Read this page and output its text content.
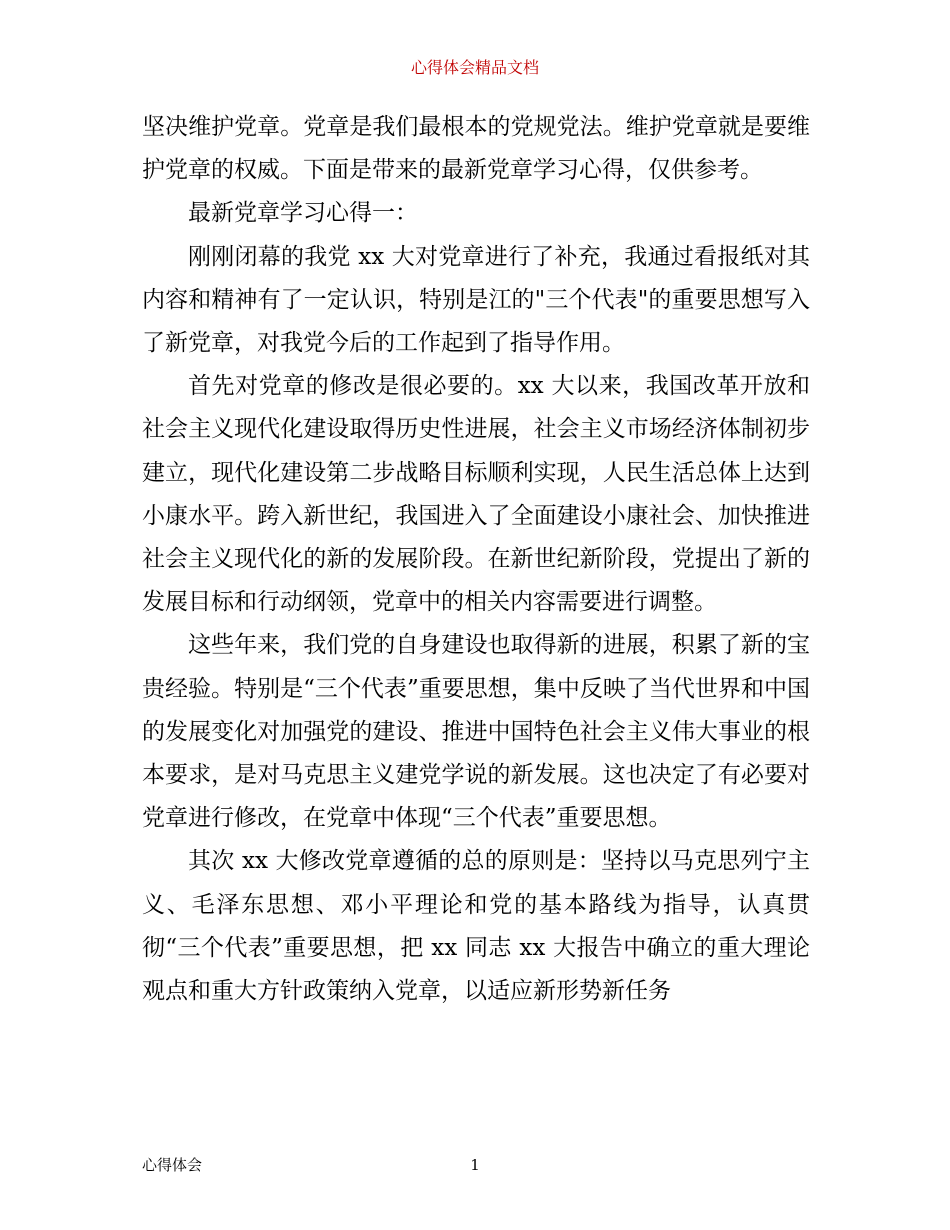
心得体会精品文档

坚决维护党章。党章是我们最根本的党规党法。维护党章就是要维护党章的权威。下面是带来的最新党章学习心得，仅供参考。

最新党章学习心得一：

刚刚闭幕的我党 xx 大对党章进行了补充，我通过看报纸对其内容和精神有了一定认识，特别是江的"三个代表"的重要思想写入了新党章，对我党今后的工作起到了指导作用。

首先对党章的修改是很必要的。xx 大以来，我国改革开放和社会主义现代化建设取得历史性进展，社会主义市场经济体制初步建立，现代化建设第二步战略目标顺利实现，人民生活总体上达到小康水平。跨入新世纪，我国进入了全面建设小康社会、加快推进社会主义现代化的新的发展阶段。在新世纪新阶段，党提出了新的发展目标和行动纲领，党章中的相关内容需要进行调整。

这些年来，我们党的自身建设也取得新的进展，积累了新的宝贵经验。特别是“三个代表”重要思想，集中反映了当代世界和中国的发展变化对加强党的建设、推进中国特色社会主义伟大事业的根本要求，是对马克思主义建党学说的新发展。这也决定了有必要对党章进行修改，在党章中体现“三个代表”重要思想。

其次 xx 大修改党章遵循的总的原则是：坚持以马克思列宁主义、毛泽东思想、邓小平理论和党的基本路线为指导，认真贯彻“三个代表”重要思想，把 xx 同志 xx 大报告中确立的重大理论观点和重大方针政策纳入党章，以适应新形势新任务

心得体会	1
